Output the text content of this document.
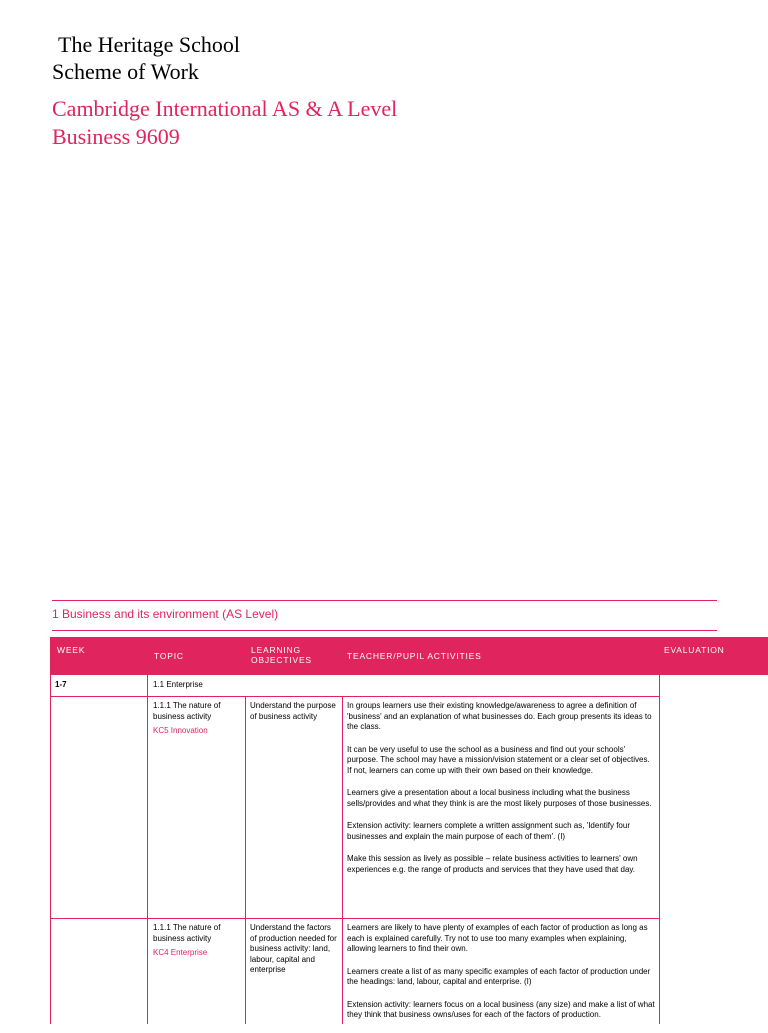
The Heritage School
Scheme of Work
Cambridge International AS & A Level
Business 9609
1 Business and its environment (AS Level)
WEEK
TOPIC
LEARNING OBJECTIVES	TEACHER/PUPIL ACTIVITIES
EVALUATION
1-7	1.1 Enterprise
1.1.1 The nature of business activity
KC5 Innovation
Understand the purpose of business activity

In groups learners use their existing knowledge/awareness to agree a definition of 'business' and an explanation of what businesses do. Each group presents its ideas to the class.

It can be very useful to use the school as a business and find out your schools' purpose. The school may have a mission/vision statement or a clear set of objectives. If not, learners can come up with their own based on their knowledge.

Learners give a presentation about a local business including what the business sells/provides and what they think is are the most likely purposes of those businesses.

Extension activity: learners complete a written assignment such as, 'Identify four businesses and explain the main purpose of each of them'. (I)

Make this session as lively as possible – relate business activities to learners' own experiences e.g. the range of products and services that they have used that day.

1.1.1 The nature of business activity
KC4 Enterprise
Understand the factors of production needed for business activity: land, labour, capital and enterprise

Learners are likely to have plenty of examples of each factor of production as long as each is explained carefully. Try not to use too many examples when explaining, allowing learners to find their own.

Learners create a list of as many specific examples of each factor of production under the headings: land, labour, capital and enterprise. (I)

Extension activity: learners focus on a local business (any size) and make a list of what they think that business owns/uses for each of the factors of production.
